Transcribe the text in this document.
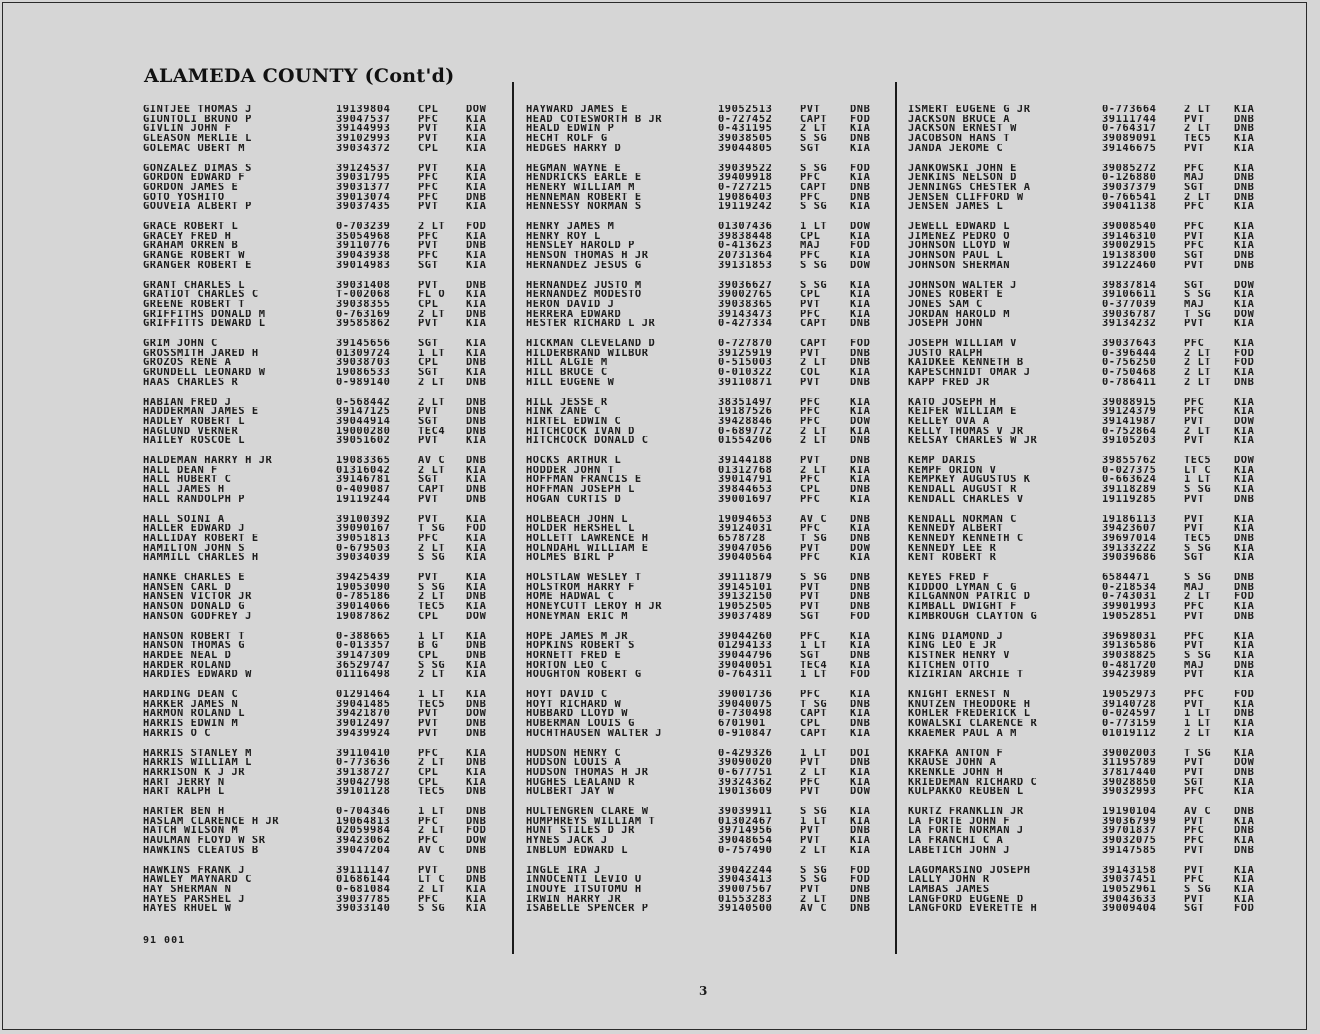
ALAMEDA COUNTY (Cont'd)
GINTJEE THOMAS J	19139804	CPL	DOW
GIUNTOLI BRUNO P	39047537	PFC	KIA
GIVLIN JOHN F	39144993	PVT	KIA
GLEASON MERLIE L	39102993	PVT	KIA
GOLEMAC UBERT M	39034372	CPL	KIA
GONZALEZ DIMAS S	39124537	PVT	KIA
GORDON EDWARD F	39031795	PFC	KIA
GORDON JAMES E	39031377	PFC	KIA
GOTO YOSHITO	39013074	PFC	DNB
GOUVEIA ALBERT P	39037435	PVT	KIA
GRACE ROBERT L	0-703239	2 LT	FOD
GRACEY FRED H	35054968	PFC	KIA
GRAHAM ORREN B	39110776	PVT	DNB
GRANGE ROBERT W	39043938	PFC	KIA
GRANGER ROBERT E	39014983	SGT	KIA
GRANT CHARLES L	39031408	PVT	DNB
GRATIOT CHARLES C	T-002068	FL O	KIA
GREENE ROBERT T	39038355	CPL	KIA
GRIFFITHS DONALD M	0-763169	2 LT	DNB
GRIFFITTS DEWARD L	39585862	PVT	KIA
GRIM JOHN C	39145656	SGT	KIA
GROSSMITH JARED H	01309724	1 LT	KIA
GROZOS RENE A	39038703	CPL	DNB
GRUNDELL LEONARD W	19086533	SGT	KIA
HAAS CHARLES R	0-989140	2 LT	DNB
HABIAN FRED J	0-568442	2 LT	DNB
HADDERMAN JAMES E	39147125	PVT	DNB
HADLEY ROBERT L	39044914	SGT	DNB
HAGLUND VERNER	19000280	TEC4	DNB
HAILEY ROSCOE L	39051602	PVT	KIA
HALDEMAN HARRY H JR	19083365	AV C	DNB
HALL DEAN F	01316042	2 LT	KIA
HALL HUBERT C	39146781	SGT	KIA
HALL JAMES H	0-409087	CAPT	DNB
HALL RANDOLPH P	19119244	PVT	DNB
HALL SOINI A	39100392	PVT	KIA
HALLER EDWARD J	39090167	T SG	FOD
HALLIDAY ROBERT E	39051813	PFC	KIA
HAMILTON JOHN S	0-679503	2 LT	KIA
HAMMILL CHARLES H	39034039	S SG	KIA
HANKE CHARLES E	39425439	PVT	KIA
HANSEN CARL D	19053090	S SG	KIA
HANSEN VICTOR JR	0-785186	2 LT	DNB
HANSON DONALD G	39014066	TEC5	KIA
HANSON GODFREY J	19087862	CPL	DOW
HANSON ROBERT T	0-388665	1 LT	KIA
HANSON THOMAS G	0-013357	B G	DNB
HARDEE NEAL D	39147309	CPL	DNB
HARDER ROLAND	36529747	S SG	KIA
HARDIES EDWARD W	01116498	2 LT	KIA
HARDING DEAN C	01291464	1 LT	KIA
HARKER JAMES N	39041485	TEC5	DNB
HARMON ROLAND L	39421870	PVT	DOW
HARRIS EDWIN M	39012497	PVT	DNB
HARRIS O C	39439924	PVT	DNB
HARRIS STANLEY M	39110410	PFC	KIA
HARRIS WILLIAM L	0-773636	2 LT	DNB
HARRISON K J JR	39138727	CPL	KIA
HART JERRY N	39042798	CPL	KIA
HART RALPH L	39101128	TEC5	DNB
HARTER BEN H	0-704346	1 LT	DNB
HASLAM CLARENCE H JR	19064813	PFC	DNB
HATCH WILSON M	02059984	2 LT	FOD
HAULMAN FLOYD W SR	39423062	PFC	DOW
HAWKINS CLEATUS B	39047204	AV C	DNB
HAWKINS FRANK J	39111147	PVT	DNB
HAWLEY MAYNARD C	01686144	LT C	DNB
HAY SHERMAN N	0-681084	2 LT	KIA
HAYES PARSHEL J	39037785	PFC	KIA
HAYES RHUEL W	39033140	S SG	KIA
HAYWARD JAMES E	19052513	PVT	DNB
HEAD COTESWORTH B JR	0-727452	CAPT	FOD
HEALD EDWIN P	0-431195	2 LT	KIA
HECHT ROLF G	39038505	S SG	DNB
HEDGES HARRY D	39044805	SGT	KIA
HEGMAN WAYNE E	39039522	S SG	FOD
HENDRICKS EARLE E	39409918	PFC	KIA
HENERY WILLIAM M	0-727215	CAPT	DNB
HENNEMAN ROBERT E	19086403	PFC	DNB
HENNESSY NORMAN S	19119242	S SG	KIA
HENRY JAMES M	01307436	1 LT	DOW
HENRY ROY L	39838448	CPL	KIA
HENSLEY HAROLD P	0-413623	MAJ	FOD
HENSON THOMAS H JR	20731364	PFC	KIA
HERNANDEZ JESUS G	39131853	S SG	DOW
HERNANDEZ JUSTO M	39036627	S SG	KIA
HERNANDEZ MODESTO	39002765	CPL	KIA
HERON DAVID J	39038365	PVT	KIA
HERRERA EDWARD	39143473	PFC	KIA
HESTER RICHARD L JR	0-427334	CAPT	DNB
HICKMAN CLEVELAND D	0-727870	CAPT	FOD
HILDERBRAND WILBUR	39125919	PVT	DNB
HILL ALGIE M	0-515003	2 LT	DNB
HILL BRUCE C	0-010322	COL	KIA
HILL EUGENE W	39110871	PVT	DNB
HILL JESSE R	38351497	PFC	KIA
HINK ZANE C	19187526	PFC	KIA
HIRTEL EDWIN C	39428846	PFC	DOW
HITCHCOCK IVAN D	0-689772	2 LT	KIA
HITCHCOCK DONALD C	01554206	2 LT	DNB
HOCKS ARTHUR L	39144188	PVT	DNB
HODDER JOHN T	01312768	2 LT	KIA
HOFFMAN FRANCIS E	39014791	PFC	KIA
HOFFMAN JOSEPH L	39844653	CPL	DNB
HOGAN CURTIS D	39001697	PFC	KIA
HOLBEACH JOHN L	19094653	AV C	DNB
HOLDER HERSHEL L	39124031	PFC	KIA
HOLLETT LAWRENCE H	6578728	T SG	DNB
HOLNDAHL WILLIAM E	39047056	PVT	DOW
HOLMES BIRL P	39040564	PFC	KIA
HOLSTLAW WESLEY T	39111879	S SG	DNB
HOLSTROM HARRY F	39145101	PVT	DNB
HOME HADWAL C	39132150	PVT	DNB
HONEYCUTT LEROY H JR	19052505	PVT	DNB
HONEYMAN ERIC M	39037489	SGT	FOD
HOPE JAMES M JR	39044260	PFC	KIA
HOPKINS ROBERT S	01294133	1 LT	KIA
HORNETT FRED E	39044796	SGT	DNB
HORTON LEO C	39040051	TEC4	KIA
HOUGHTON ROBERT G	0-764311	1 LT	FOD
HOYT DAVID C	39001736	PFC	KIA
HOYT RICHARD W	39040075	T SG	DNB
HUBBARD LLOYD W	0-730498	CAPT	KIA
HUBERMAN LOUIS G	6701901	CPL	DNB
HUCHTHAUSEN WALTER J	0-910847	CAPT	KIA
HUDSON HENRY C	0-429326	1 LT	DOI
HUDSON LOUIS A	39090020	PVT	DNB
HUDSON THOMAS H JR	0-677751	2 LT	KIA
HUGHES LEALAND R	39324362	PFC	KIA
HULBERT JAY W	19013609	PVT	DOW
HULTENGREN CLARE W	39039911	S SG	KIA
HUMPHREYS WILLIAM T	01302467	1 LT	KIA
HUNT STILES D JR	39714956	PVT	DNB
HYNES JACK J	39048654	PVT	KIA
INBLUM EDWARD L	0-757490	2 LT	KIA
INGLE IRA J	39042244	S SG	FOD
INNOCENTI LEVIO U	39043413	S SG	FOD
INOUYE ITSUTOMU H	39007567	PVT	DNB
IRWIN HARRY JR	01553283	2 LT	DNB
ISABELLE SPENCER P	39140500	AV C	DNB
ISMERT EUGENE G JR	0-773664	2 LT	KIA
JACKSON BRUCE A	39111744	PVT	DNB
JACKSON ERNEST W	0-764317	2 LT	DNB
JACOBSON HANS T	39089091	TEC5	KIA
JANDA JEROME C	39146675	PVT	KIA
JANKOWSKI JOHN E	39085272	PFC	KIA
JENKINS NELSON D	0-126880	MAJ	DNB
JENNINGS CHESTER A	39037379	SGT	DNB
JENSEN CLIFFORD W	0-766541	2 LT	DNB
JENSEN JAMES L	39041138	PFC	KIA
JEWELL EDWARD L	39008540	PFC	KIA
JIMENEZ PEDRO O	39146310	PVT	KIA
JOHNSON LLOYD W	39002915	PFC	KIA
JOHNSON PAUL L	19138300	SGT	DNB
JOHNSON SHERMAN	39122460	PVT	DNB
JOHNSON WALTER J	39837814	SGT	DOW
JONES ROBERT E	39106611	S SG	KIA
JONES SAM C	0-377039	MAJ	KIA
JORDAN HAROLD M	39036787	T SG	DOW
JOSEPH JOHN	39134232	PVT	KIA
JOSEPH WILLIAM V	39037643	PFC	KIA
JUSTO RALPH	0-396444	2 LT	FOD
KAIDKEE KENNETH B	0-756250	2 LT	FOD
KAPESCHNIDT OMAR J	0-750468	2 LT	KIA
KAPP FRED JR	0-786411	2 LT	DNB
KATO JOSEPH H	39088915	PFC	KIA
KEIFER WILLIAM E	39124379	PFC	KIA
KELLEY OVA A	39141987	PVT	DOW
KELLY THOMAS V JR	0-752864	2 LT	KIA
KELSAY CHARLES W JR	39105203	PVT	KIA
KEMP DARIS	39855762	TEC5	DOW
KEMPF ORION V	0-027375	LT C	KIA
KEMPKEY AUGUSTUS K	0-663624	1 LT	KIA
KENDALL AUGUST R	39118289	S SG	KIA
KENDALL CHARLES V	19119285	PVT	DNB
KENDALL NORMAN C	19186113	PVT	KIA
KENNEDY ALBERT	39423607	PVT	KIA
KENNEDY KENNETH C	39697014	TEC5	DNB
KENNEDY LEE R	39133222	S SG	KIA
KENT ROBERT R	39039686	SGT	KIA
KEYES FRED F	6584471	S SG	DNB
KIDDOO LYMAN C G	0-218534	MAJ	DNB
KILGANNON PATRIC D	0-743031	2 LT	FOD
KIMBALL DWIGHT F	39901993	PFC	KIA
KIMBROUGH CLAYTON G	19052851	PVT	DNB
KING DIAMOND J	39698031	PFC	KIA
KING LEO E JR	39136586	PVT	KIA
KISTNER HENRY V	39038825	S SG	KIA
KITCHEN OTTO	0-481720	MAJ	DNB
KIZIRIAN ARCHIE T	39423989	PVT	KIA
KNIGHT ERNEST N	19052973	PFC	FOD
KNUTZEN THEODORE H	39140728	PVT	KIA
KOHLER FREDERICK L	0-024597	1 LT	DNB
KOWALSKI CLARENCE R	0-773159	1 LT	KIA
KRAEMER PAUL A M	01019112	2 LT	KIA
KRAFKA ANTON F	39002003	T SG	KIA
KRAUSE JOHN A	31195789	PVT	DOW
KRENKLE JOHN H	37817440	PVT	DNB
KRIEDEMAN RICHARD C	39028850	SGT	KIA
KULPAKKO REUBEN L	39032993	PFC	KIA
KURTZ FRANKLIN JR	19190104	AV C	DNB
LA FORTE JOHN F	39036799	PVT	KIA
LA FORTE NORMAN J	39701837	PFC	DNB
LA FRANCHI C A	39032075	PFC	KIA
LABETICH JOHN J	39147585	PVT	DNB
LAGOMARSINO JOSEPH	39143158	PVT	KIA
LALLY JOHN R	39037451	PFC	KIA
LAMBAS JAMES	19052961	S SG	KIA
LANGFORD EUGENE D	39043633	PVT	KIA
LANGFORD EVERETTE H	39009404	SGT	FOD
91 001
3
